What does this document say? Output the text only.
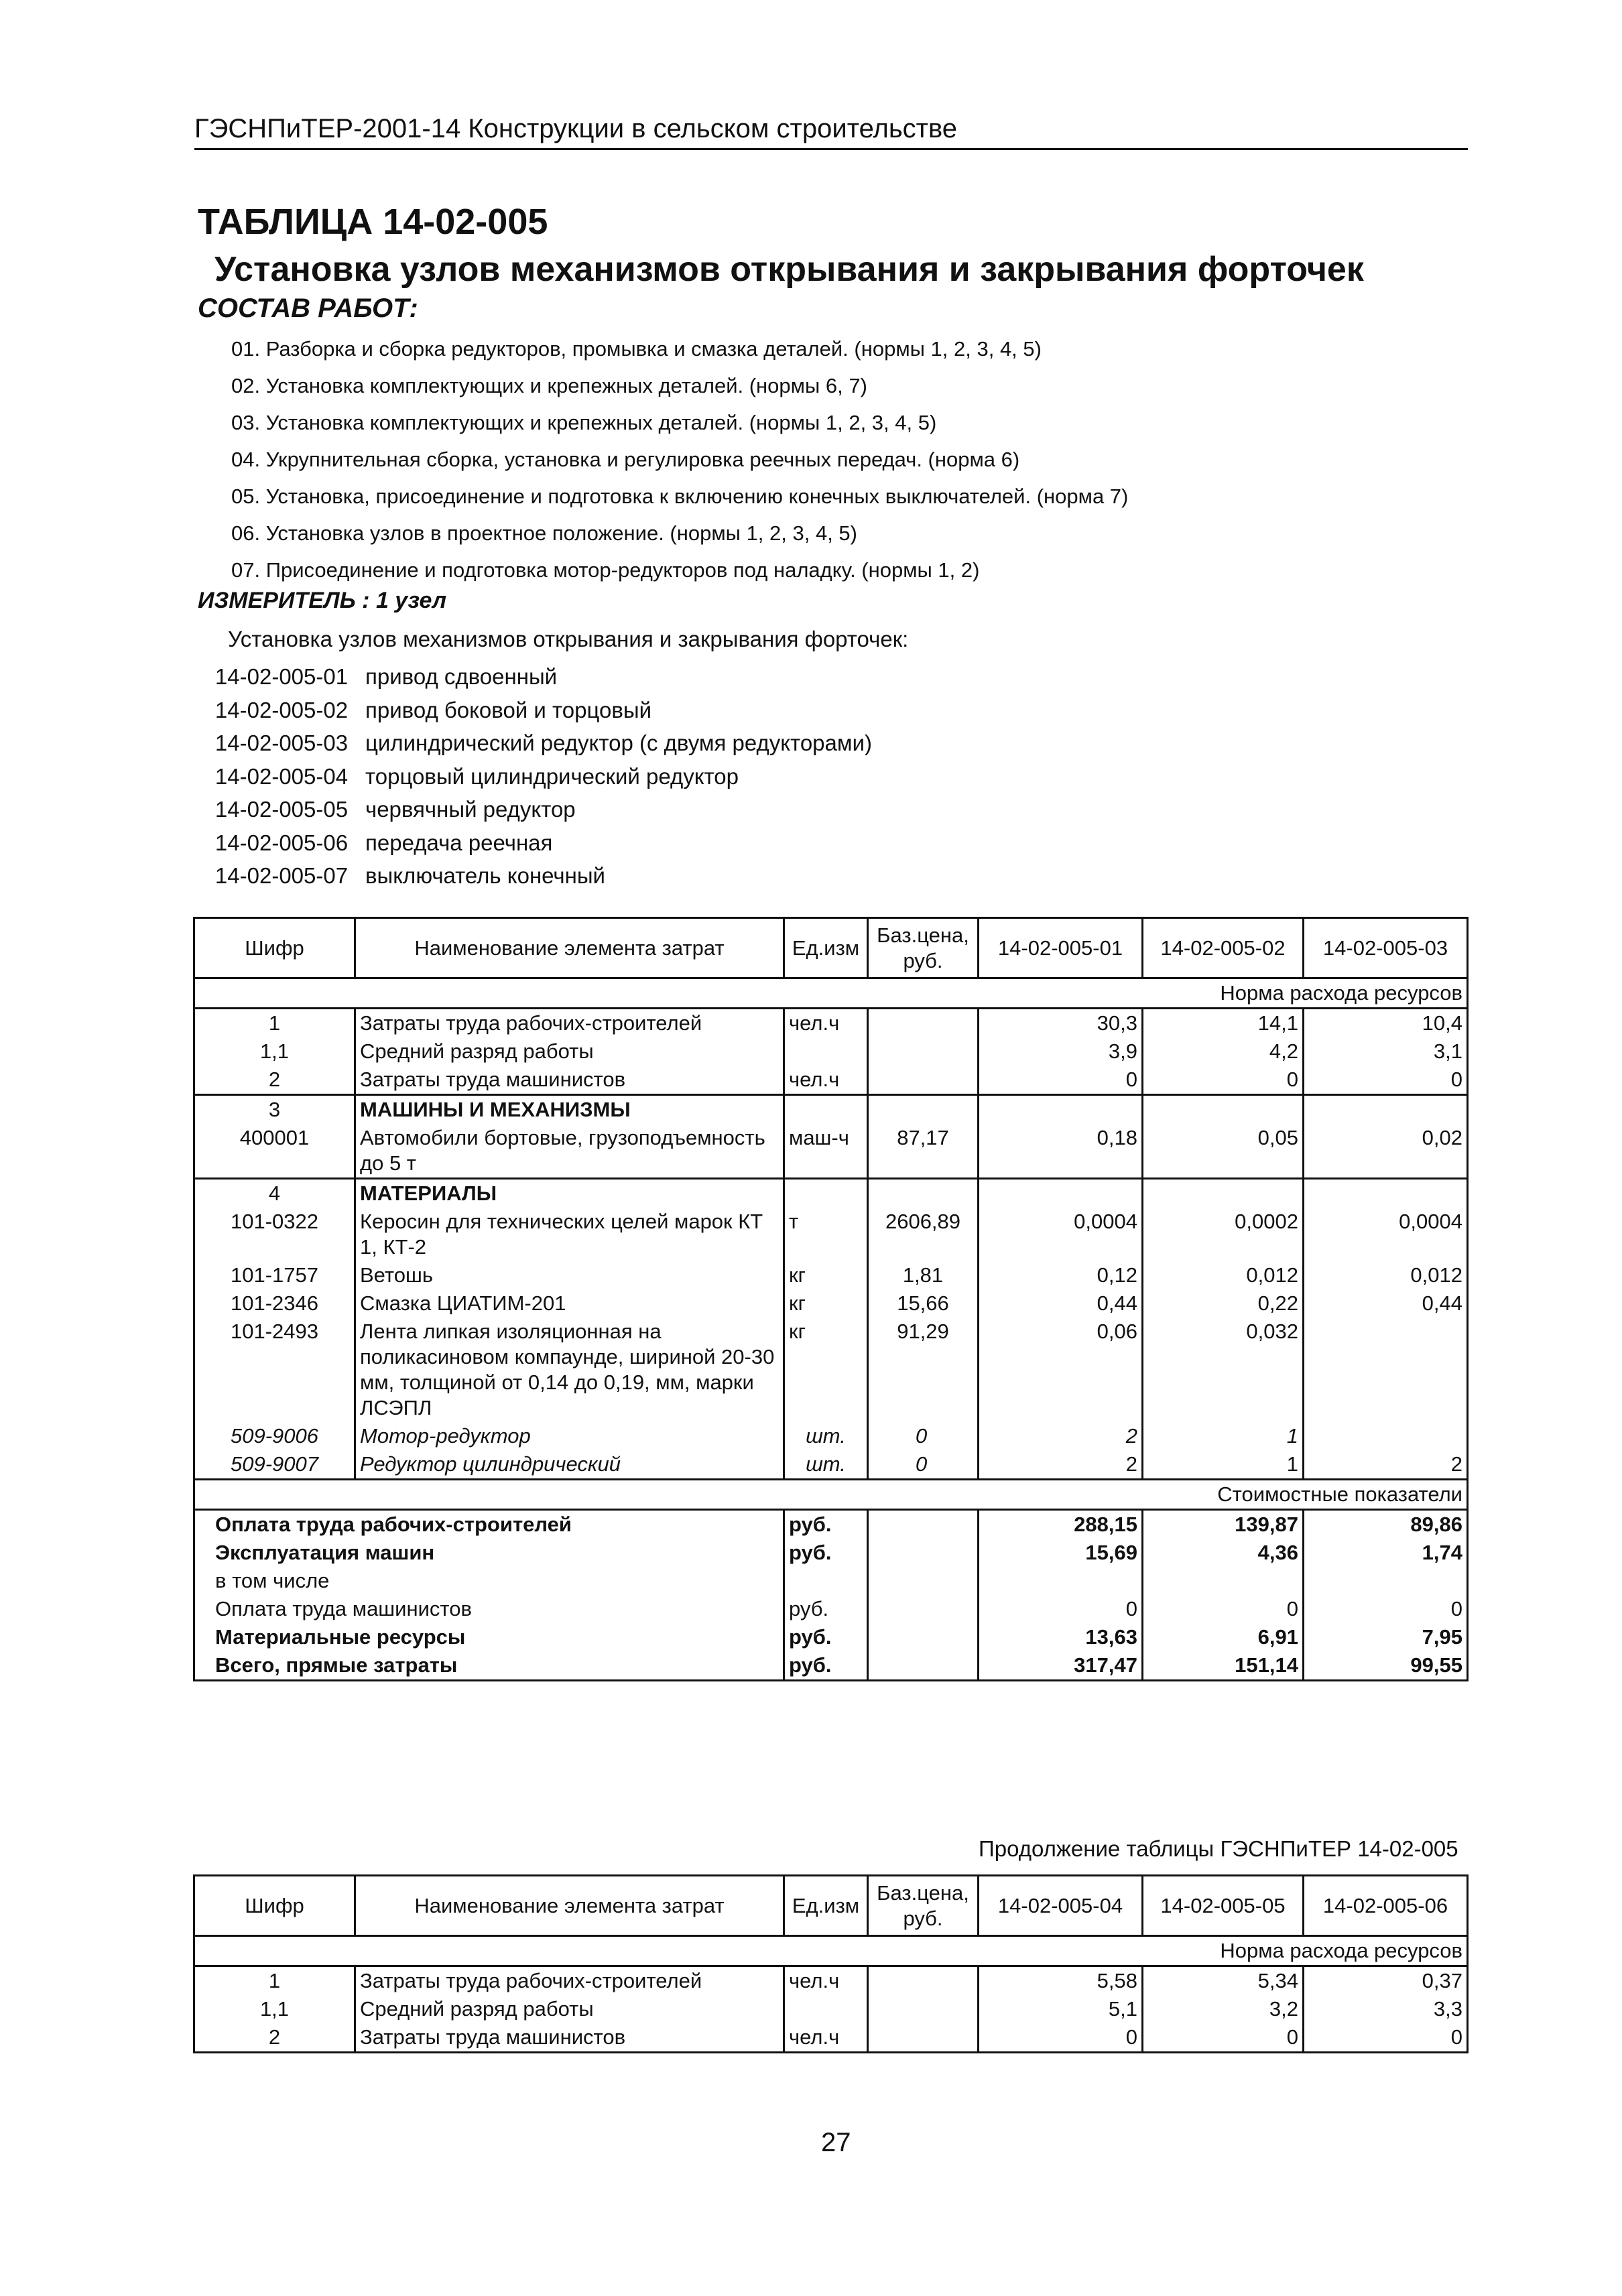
ГЭСНПиТЕР-2001-14 Конструкции в сельском строительстве
ТАБЛИЦА 14-02-005
Установка узлов механизмов открывания и закрывания форточек
СОСТАВ РАБОТ:
01. Разборка и сборка редукторов, промывка и смазка деталей. (нормы 1, 2, 3, 4, 5)
02. Установка комплектующих и крепежных деталей. (нормы 6, 7)
03. Установка комплектующих и крепежных деталей. (нормы 1, 2, 3, 4, 5)
04. Укрупнительная сборка, установка и регулировка реечных передач. (норма 6)
05. Установка, присоединение и подготовка к включению конечных выключателей. (норма 7)
06. Установка узлов в проектное положение. (нормы 1, 2, 3, 4, 5)
07. Присоединение и подготовка мотор-редукторов под наладку. (нормы 1, 2)
ИЗМЕРИТЕЛЬ : 1 узел
Установка узлов механизмов открывания и закрывания форточек:
14-02-005-01 привод сдвоенный
14-02-005-02 привод боковой и торцовый
14-02-005-03 цилиндрический редуктор (с двумя редукторами)
14-02-005-04 торцовый цилиндрический редуктор
14-02-005-05 червячный редуктор
14-02-005-06 передача реечная
14-02-005-07 выключатель конечный
Шифр	Наименование элемента затрат	Ед.изм	Баз.цена, руб.	14-02-005-01	14-02-005-02	14-02-005-03
Норма расхода ресурсов						
1	Затраты труда рабочих-строителей	чел.ч		30,3	14,1	10,4
1,1	Средний разряд работы			3,9	4,2	3,1
2	Затраты труда машинистов	чел.ч		0	0	0
3	МАШИНЫ И МЕХАНИЗМЫ					
400001	Автомобили бортовые, грузоподъемность до 5 т	маш-ч	87,17	0,18	0,05	0,02
4	МАТЕРИАЛЫ					
101-0322	Керосин для технических целей марок КТ 1, КТ-2	т	2606,89	0,0004	0,0002	0,0004
101-1757	Ветошь	кг	1,81	0,12	0,012	0,012
101-2346	Смазка ЦИАТИМ-201	кг	15,66	0,44	0,22	0,44
101-2493	Лента липкая изоляционная на поликасиновом компаунде, шириной 20-30 мм, толщиной от 0,14 до 0,19, мм, марки ЛСЭПЛ	кг	91,29	0,06	0,032	
509-9006	Мотор-редуктор	шт.	0	2	1	
509-9007	Редуктор цилиндрический	шт.	0	2	1	2
Стоимостные показатели						
Оплата труда рабочих-строителей		руб.		288,15	139,87	89,86
Эксплуатация машин		руб.		15,69	4,36	1,74
в том числе						
Оплата труда машинистов		руб.		0	0	0
Материальные ресурсы		руб.		13,63	6,91	7,95
Всего, прямые затраты		руб.		317,47	151,14	99,55
Продолжение таблицы ГЭСНПиТЕР 14-02-005
Шифр	Наименование элемента затрат	Ед.изм	Баз.цена, руб.	14-02-005-04	14-02-005-05	14-02-005-06
Норма расхода ресурсов						
1	Затраты труда рабочих-строителей	чел.ч		5,58	5,34	0,37
1,1	Средний разряд работы			5,1	3,2	3,3
2	Затраты труда машинистов	чел.ч		0	0	0
27
